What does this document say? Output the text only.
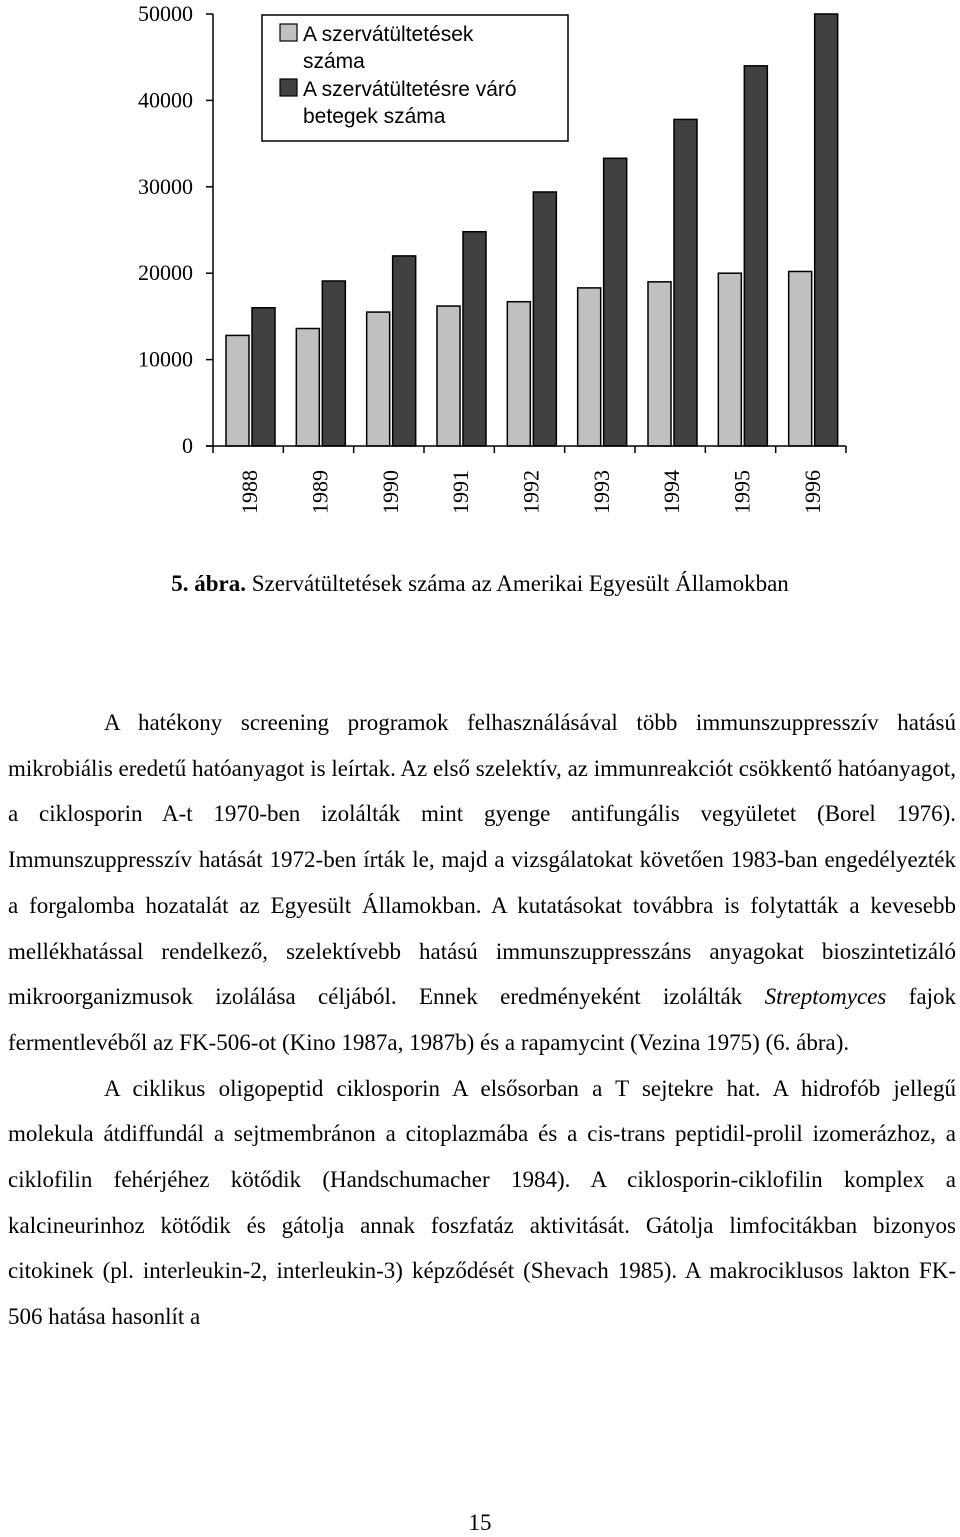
50000
40000
30000
20000
10000
0
1988 1989 1990 1991 1992 1993 1994 1995 1996
A szervátültetések
száma
A szervátültetésre váró
betegek száma

5. ábra. Szervátültetések száma az Amerikai Egyesült Államokban

A hatékony screening programok felhasználásával több immunszuppresszív hatású mikrobiális eredetű hatóanyagot is leírtak. Az első szelektív, az immunreakciót csökkentő hatóanyagot, a ciklosporin A-t 1970-ben izolálták mint gyenge antifungális vegyületet (Borel 1976). Immunszuppresszív hatását 1972-ben írták le, majd a vizsgálatokat követően 1983-ban engedélyezték a forgalomba hozatalát az Egyesült Államokban. A kutatásokat továbbra is folytatták a kevesebb mellékhatással rendelkező, szelektívebb hatású immunszuppresszáns anyagokat bioszintetizáló mikroorganizmusok izolálása céljából. Ennek eredményeként izolálták Streptomyces fajok fermentlevéből az FK-506-ot (Kino 1987a, 1987b) és a rapamycint (Vezina 1975) (6. ábra).

A ciklikus oligopeptid ciklosporin A elsősorban a T sejtekre hat. A hidrofób jellegű molekula átdiffundál a sejtmembránon a citoplazmába és a cis-trans peptidil-prolil izomerázhoz, a ciklofilin fehérjéhez kötődik (Handschumacher 1984). A ciklosporin-ciklofilin komplex a kalcineurinhoz kötődik és gátolja annak foszfatáz aktivitását. Gátolja limfocitákban bizonyos citokinek (pl. interleukin-2, interleukin-3) képződését (Shevach 1985). A makrociklusos lakton FK-506 hatása hasonlít a

15
